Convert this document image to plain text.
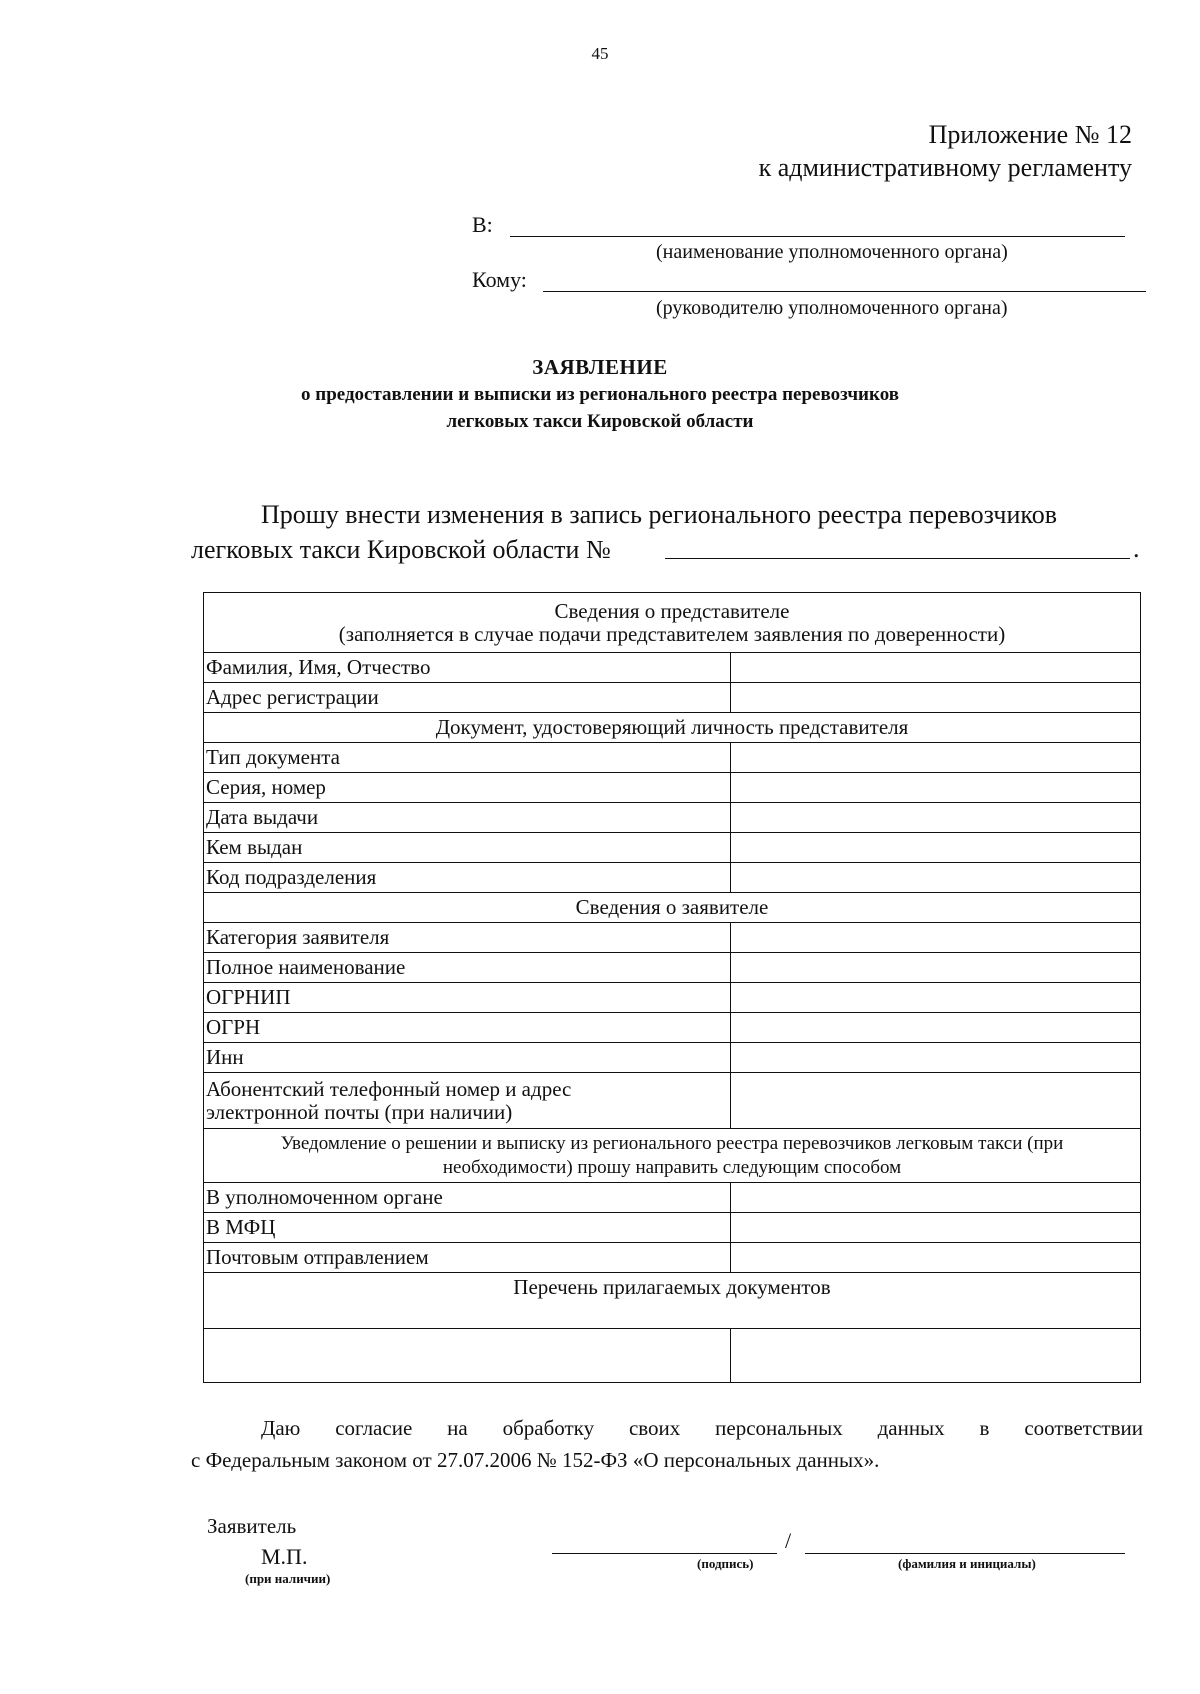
45
Приложение № 12
к административному регламенту
В:
(наименование уполномоченного органа)
Кому:
(руководителю уполномоченного органа)
ЗАЯВЛЕНИЕ
о предоставлении и выписки из регионального реестра перевозчиков
легковых такси Кировской области

Прошу внести изменения в запись регионального реестра перевозчиков

легковых такси Кировской области №	.
Сведения о представителе
(заполняется в случае подачи представителем заявления по доверенности)	

Фамилия, Имя, Отчество	
Адрес регистрации	
Документ, удостоверяющий личность представителя	
Тип документа	
Серия, номер	
Дата выдачи	
Кем выдан	
Код подразделения	
Сведения о заявителе	
Категория заявителя	
Полное наименование	
ОГРНИП	
ОГРН	
Инн	

Абонентский телефонный номер и адрес
электронной почты (при наличии)	

Уведомление о решении и выписку из регионального реестра перевозчиков легковым такси (при
необходимости) прошу направить следующим способом	

В уполномоченном органе	
В МФЦ	
Почтовым отправлением	
Перечень прилагаемых документов	

Даю согласие на обработку своих персональных данных в соответствии

с Федеральным законом от 27.07.2006 № 152-ФЗ «О персональных данных».

Заявитель
М.П.
(при наличии)
(подпись)
/
(фамилия и инициалы)
